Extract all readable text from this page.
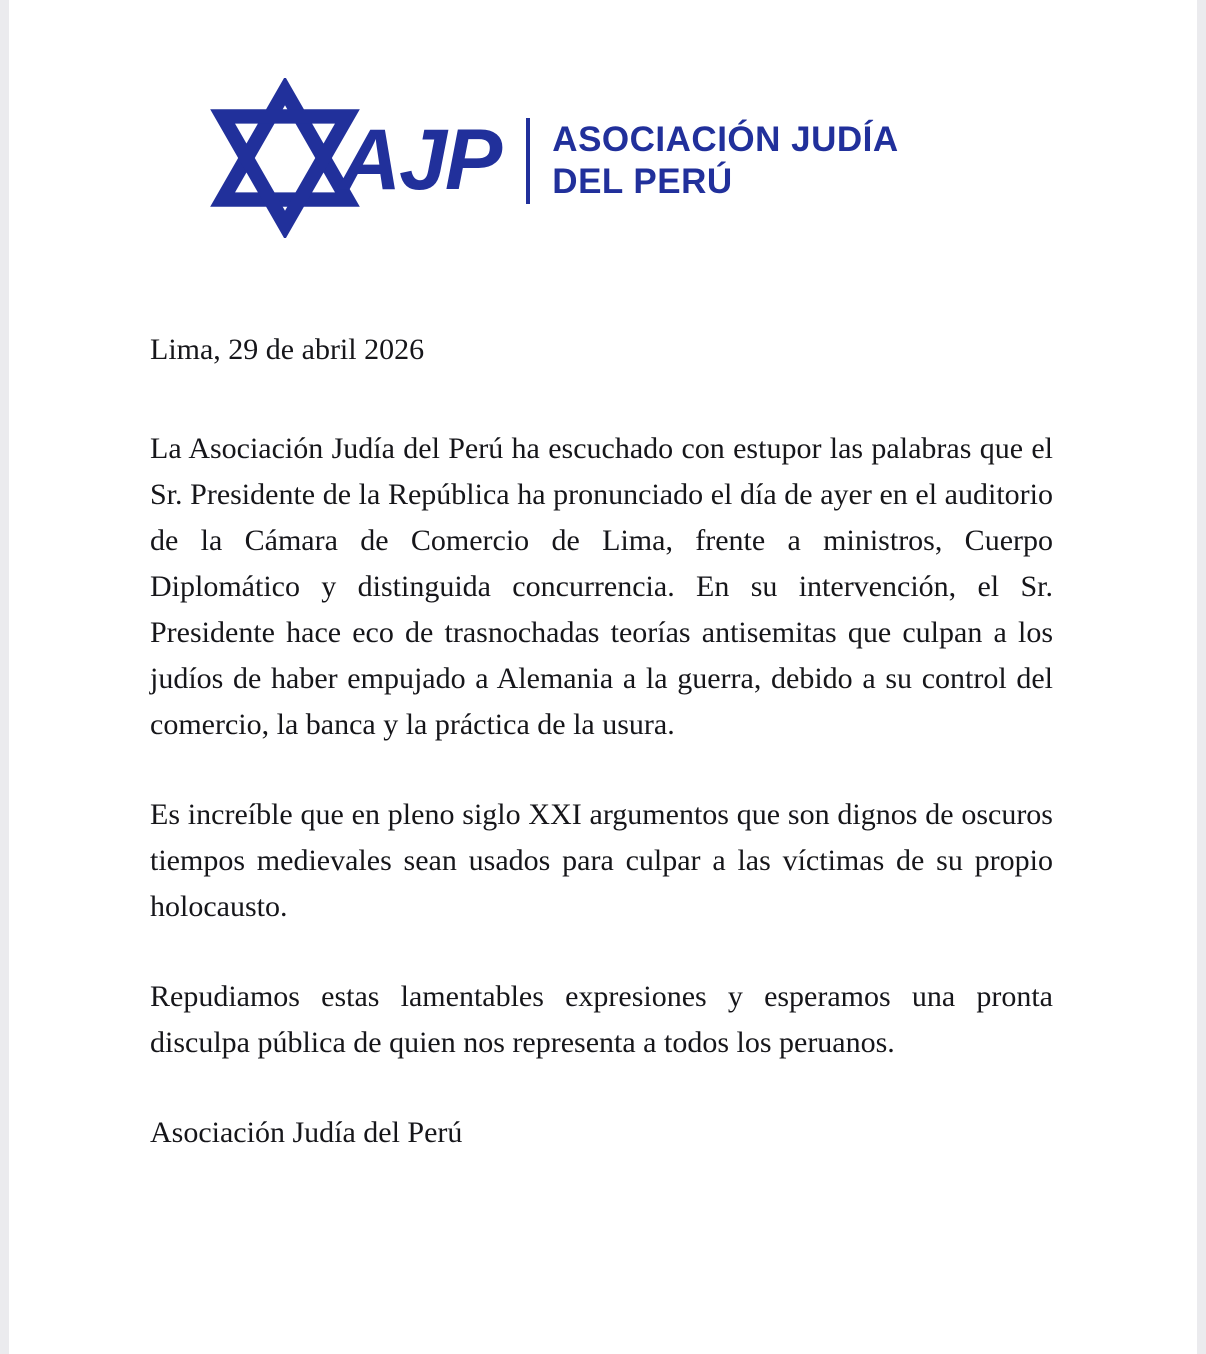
AJP ASOCIACIÓN JUDÍA
DEL PERÚ
Lima, 29 de abril 2026

La Asociación Judía del Perú ha escuchado con estupor las palabras que el Sr. Presidente de la República ha pronunciado el día de ayer en el auditorio de la Cámara de Comercio de Lima, frente a ministros, Cuerpo Diplomático y distinguida concurrencia. En su intervención, el Sr. Presidente hace eco de trasnochadas teorías antisemitas que culpan a los judíos de haber empujado a Alemania a la guerra, debido a su control del comercio, la banca y la práctica de la usura.

Es increíble que en pleno siglo XXI argumentos que son dignos de oscuros tiempos medievales sean usados para culpar a las víctimas de su propio holocausto.

Repudiamos estas lamentables expresiones y esperamos una pronta disculpa pública de quien nos representa a todos los peruanos.

Asociación Judía del Perú
